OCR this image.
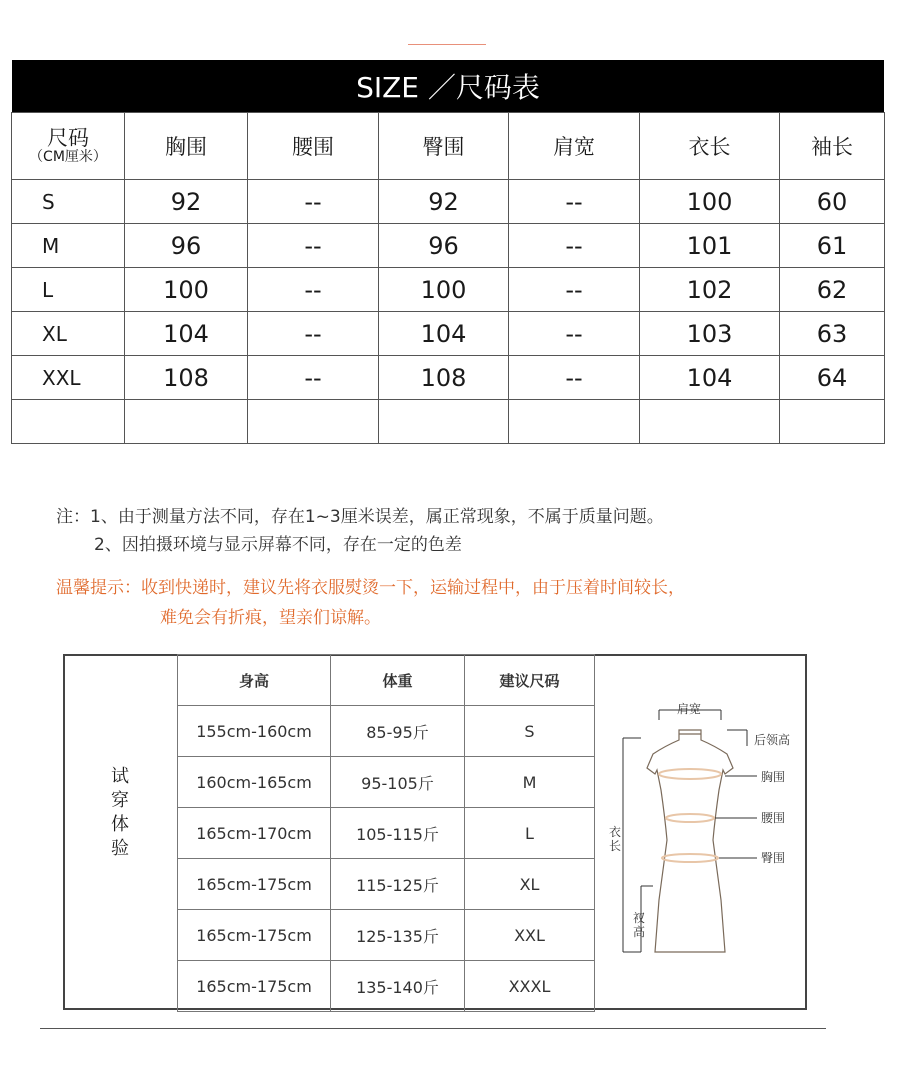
SIZE ／尺码表
尺码
（CM厘米）	胸围	腰围	臀围	肩宽	衣长	袖长
S	92	--	92	--	100	60
M	96	--	96	--	101	61
L	100	--	100	--	102	62
XL	104	--	104	--	103	63
XXL	108	--	108	--	104	64

注：1、由于测量方法不同，存在1~3厘米误差，属正常现象，不属于质量问题。
2、因拍摄环境与显示屏幕不同，存在一定的色差
温馨提示：收到快递时，建议先将衣服熨烫一下，运输过程中，由于压着时间较长，
难免会有折痕，望亲们谅解。
试
穿
体
验
身高	体重	建议尺码
155cm-160cm	85-95斤	S
160cm-165cm	95-105斤	M
165cm-170cm	105-115斤	L
165cm-175cm	115-125斤	XL
165cm-175cm	125-135斤	XXL
165cm-175cm	135-140斤	XXXL
肩宽
后领高
胸围
腰围
臀围
衣
长
衩
高
